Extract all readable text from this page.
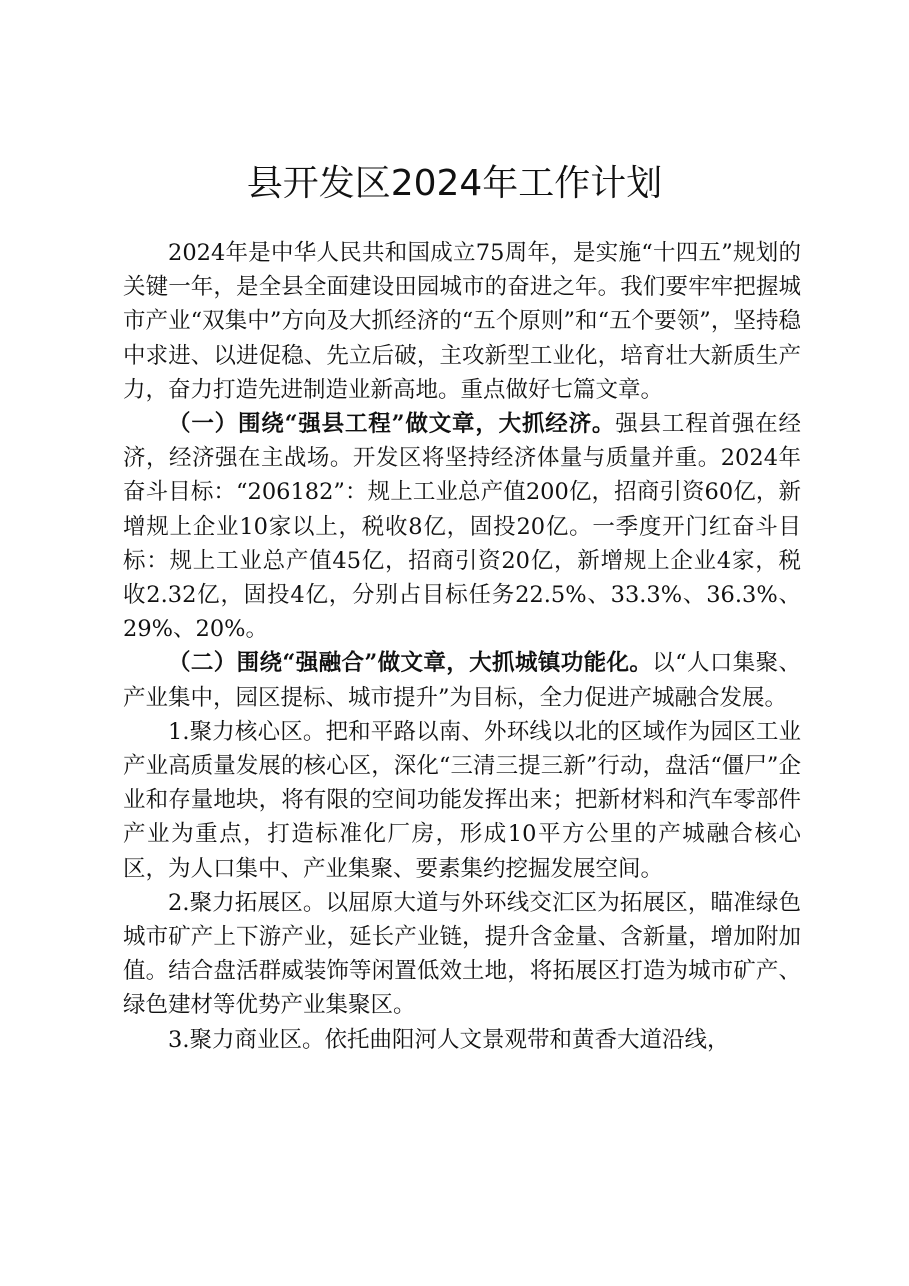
县开发区2024年工作计划

2024年是中华人民共和国成立75周年，是实施“十四五”规划的关键一年，是全县全面建设田园城市的奋进之年。我们要牢牢把握城市产业“双集中”方向及大抓经济的“五个原则”和“五个要领”，坚持稳中求进、以进促稳、先立后破，主攻新型工业化，培育壮大新质生产力，奋力打造先进制造业新高地。重点做好七篇文章。

（一）围绕“强县工程”做文章，大抓经济。强县工程首强在经济，经济强在主战场。开发区将坚持经济体量与质量并重。2024年奋斗目标：“206182”：规上工业总产值200亿，招商引资60亿，新增规上企业10家以上，税收8亿，固投20亿。一季度开门红奋斗目标：规上工业总产值45亿，招商引资20亿，新增规上企业4家，税收2.32亿，固投4亿，分别占目标任务22.5%、33.3%、36.3%、29%、20%。

（二）围绕“强融合”做文章，大抓城镇功能化。以“人口集聚、产业集中，园区提标、城市提升”为目标，全力促进产城融合发展。

1.聚力核心区。把和平路以南、外环线以北的区域作为园区工业产业高质量发展的核心区，深化“三清三提三新”行动，盘活“僵尸”企业和存量地块，将有限的空间功能发挥出来；把新材料和汽车零部件产业为重点，打造标准化厂房，形成10平方公里的产城融合核心区，为人口集中、产业集聚、要素集约挖掘发展空间。

2.聚力拓展区。以屈原大道与外环线交汇区为拓展区，瞄准绿色城市矿产上下游产业，延长产业链，提升含金量、含新量，增加附加值。结合盘活群威装饰等闲置低效土地，将拓展区打造为城市矿产、绿色建材等优势产业集聚区。

3.聚力商业区。依托曲阳河人文景观带和黄香大道沿线，
